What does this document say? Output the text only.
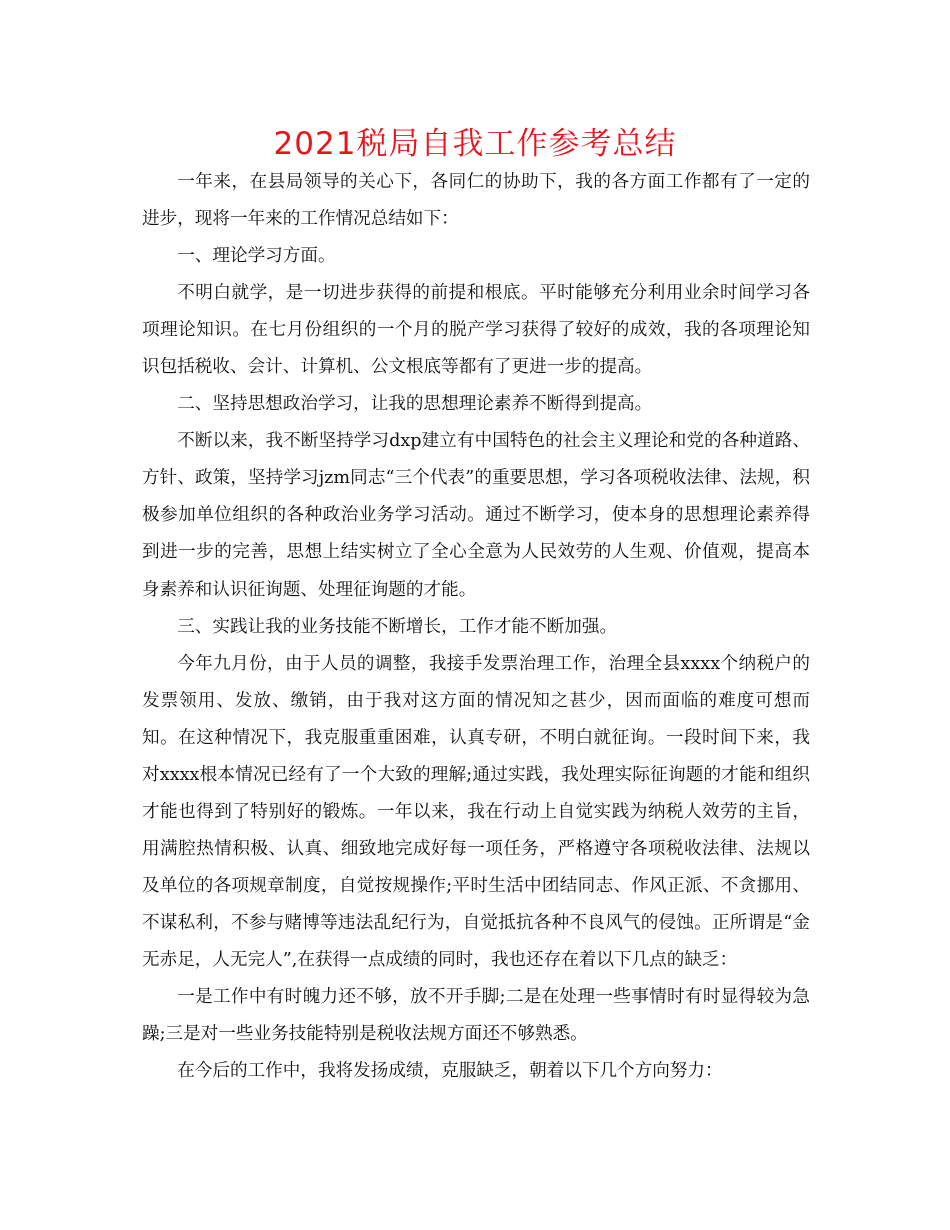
2021税局自我工作参考总结

一年来，在县局领导的关心下，各同仁的协助下，我的各方面工作都有了一定的进步，现将一年来的工作情况总结如下：

一、理论学习方面。

不明白就学，是一切进步获得的前提和根底。平时能够充分利用业余时间学习各项理论知识。在七月份组织的一个月的脱产学习获得了较好的成效，我的各项理论知识包括税收、会计、计算机、公文根底等都有了更进一步的提高。

二、坚持思想政治学习，让我的思想理论素养不断得到提高。

不断以来，我不断坚持学习dxp建立有中国特色的社会主义理论和党的各种道路、方针、政策，坚持学习jzm同志“三个代表”的重要思想，学习各项税收法律、法规，积极参加单位组织的各种政治业务学习活动。通过不断学习，使本身的思想理论素养得到进一步的完善，思想上结实树立了全心全意为人民效劳的人生观、价值观，提高本身素养和认识征询题、处理征询题的才能。

三、实践让我的业务技能不断增长，工作才能不断加强。

今年九月份，由于人员的调整，我接手发票治理工作，治理全县xxxx个纳税户的发票领用、发放、缴销，由于我对这方面的情况知之甚少，因而面临的难度可想而知。在这种情况下，我克服重重困难，认真专研，不明白就征询。一段时间下来，我对xxxx根本情况已经有了一个大致的理解;通过实践，我处理实际征询题的才能和组织才能也得到了特别好的锻炼。一年以来，我在行动上自觉实践为纳税人效劳的主旨，用满腔热情积极、认真、细致地完成好每一项任务，严格遵守各项税收法律、法规以及单位的各项规章制度，自觉按规操作;平时生活中团结同志、作风正派、不贪挪用、不谋私利，不参与赌博等违法乱纪行为，自觉抵抗各种不良风气的侵蚀。正所谓是“金无赤足，人无完人”,在获得一点成绩的同时，我也还存在着以下几点的缺乏：

一是工作中有时魄力还不够，放不开手脚;二是在处理一些事情时有时显得较为急躁;三是对一些业务技能特别是税收法规方面还不够熟悉。

在今后的工作中，我将发扬成绩，克服缺乏，朝着以下几个方向努力：
